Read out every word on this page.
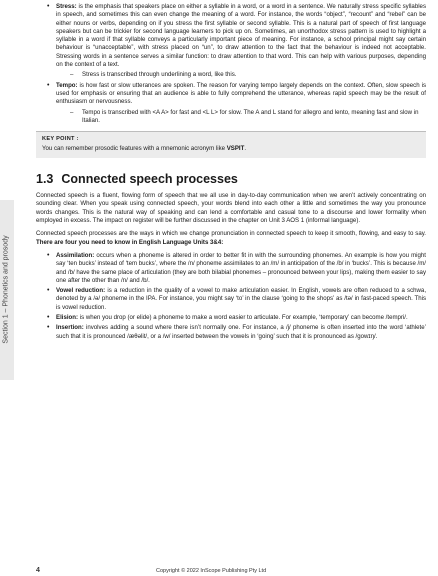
Section 1 – Phonetics and prosody
• Stress: is the emphasis that speakers place on either a syllable in a word, or a word in a sentence. We naturally stress specific syllables in speech, and sometimes this can even change the meaning of a word. For instance, the words “object”, “recount” and “rebel” can be either nouns or verbs, depending on if you stress the first syllable or second syllable. This is a natural part of speech of first language speakers but can be trickier for second language learners to pick up on. Sometimes, an unorthodox stress pattern is used to highlight a syllable in a word if that syllable conveys a particularly important piece of meaning. For instance, a school principal might say certain behaviour is “unacceptable”, with stress placed on “un”, to draw attention to the fact that the behaviour is indeed not acceptable. Stressing words in a sentence serves a similar function: to draw attention to that word. This can help with various purposes, depending on the context of a text.
– Stress is transcribed through underlining a word, like this.
• Tempo: is how fast or slow utterances are spoken. The reason for varying tempo largely depends on the context. Often, slow speech is used for emphasis or ensuring that an audience is able to fully comprehend the utterance, whereas rapid speech may be the result of enthusiasm or nervousness.
– Tempo is transcribed with <A A> for fast and <L L> for slow. The A and L stand for allegro and lento, meaning fast and slow in Italian.
KEY POINT :
You can remember prosodic features with a mnemonic acronym like VSPIT.
1.3 Connected speech processes

Connected speech is a fluent, flowing form of speech that we all use in day-to-day communication when we aren’t actively concentrating on sounding clear. When you speak using connected speech, your words blend into each other a little and sometimes the way you pronounce words changes. This is the natural way of speaking and can lend a comfortable and casual tone to a discourse and lower formality when employed in excess. The impact on register will be further discussed in the chapter on Unit 3 AOS 1 (informal language).

Connected speech processes are the ways in which we change pronunciation in connected speech to keep it smooth, flowing, and easy to say. There are four you need to know in English Language Units 3&4:

• Assimilation: occurs when a phoneme is altered in order to better fit in with the surrounding phonemes. An example is how you might say ‘ten bucks’ instead of ‘tem bucks’, where the /n/ phoneme assimilates to an /m/ in anticipation of the /b/ in ‘bucks’. This is because /m/ and /b/ have the same place of articulation (they are both bilabial phonemes – pronounced between your lips), making them easier to say one after the other than /n/ and /b/.
• Vowel reduction: is a reduction in the quality of a vowel to make articulation easier. In English, vowels are often reduced to a schwa, denoted by a /ə/ phoneme in the IPA. For instance, you might say ‘to’ in the clause ‘going to the shops’ as /tə/ in fast-paced speech. This is vowel reduction.
• Elision: is when you drop (or elide) a phoneme to make a word easier to articulate. For example, ‘temporary’ can become /tempri/.
• Insertion: involves adding a sound where there isn’t normally one. For instance, a /j/ phoneme is often inserted into the word ‘athlete’ such that it is pronounced /æθəlit/, or a /w/ inserted between the vowels in ‘going’ such that it is pronounced as /gowɪŋ/.
4	Copyright © 2022 InScope Publishing Pty Ltd
